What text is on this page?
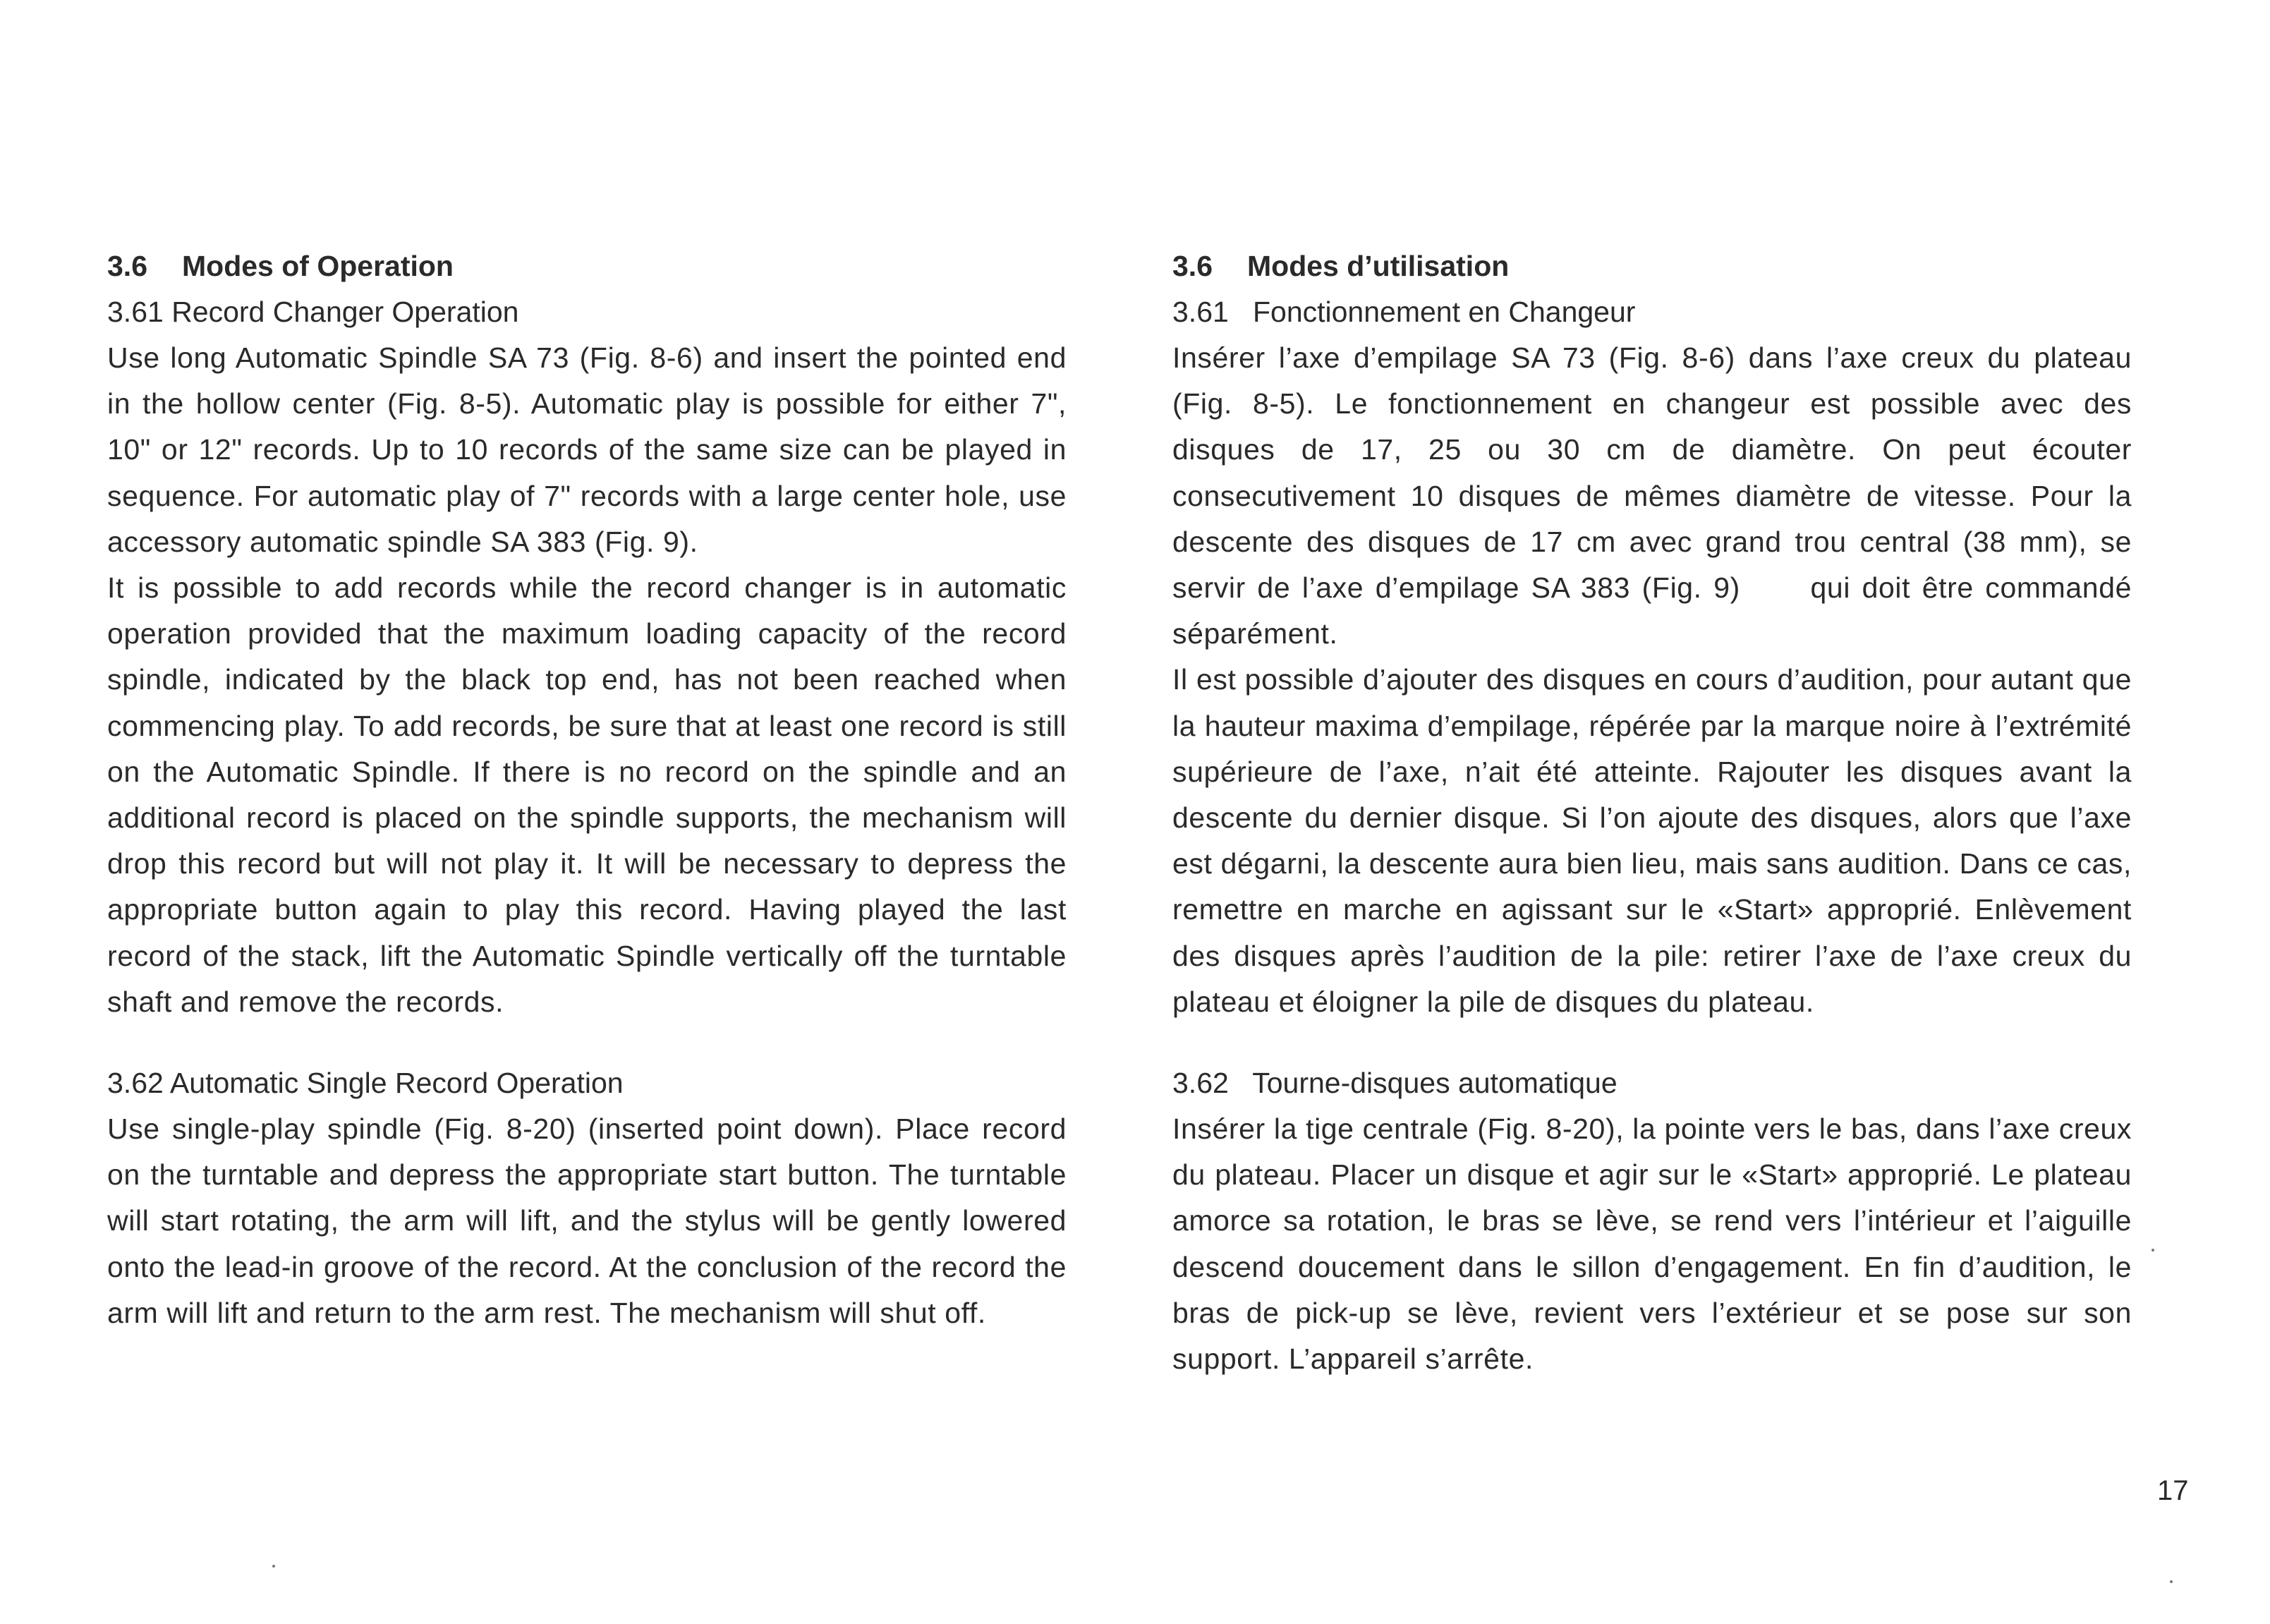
3.6 Modes of Operation
3.61 Record Changer Operation

Use long Automatic Spindle SA 73 (Fig. 8-6) and insert the pointed end in the hollow center (Fig. 8-5). Automatic play is possible for either 7", 10" or 12" records. Up to 10 records of the same size can be played in sequence. For automatic play of 7" records with a large center hole, use accessory automatic spindle SA 383 (Fig. 9).

It is possible to add records while the record changer is in automatic operation provided that the maximum loading capacity of the record spindle, indicated by the black top end, has not been reached when commencing play. To add records, be sure that at least one record is still on the Automatic Spindle. If there is no record on the spindle and an additional record is placed on the spindle supports, the mechanism will drop this record but will not play it. It will be necessary to depress the appropriate button again to play this record. Having played the last record of the stack, lift the Automatic Spindle vertically off the turntable shaft and remove the records.

3.62 Automatic Single Record Operation

Use single-play spindle (Fig. 8-20) (inserted point down). Place record on the turntable and depress the appropriate start button. The turntable will start rotating, the arm will lift, and the stylus will be gently lowered onto the lead-in groove of the record. At the conclusion of the record the arm will lift and return to the arm rest. The mechanism will shut off.

3.6 Modes d’utilisation
3.61   Fonctionnement en Changeur

Insérer l’axe d’empilage SA 73 (Fig. 8-6) dans l’axe creux du plateau (Fig. 8-5). Le fonctionnement en changeur est possible avec des disques de 17, 25 ou 30 cm de diamètre. On peut écouter consecutivement 10 disques de mêmes diamètre de vitesse. Pour la descente des disques de 17 cm avec grand trou central (38 mm), se servir de l’axe d’empilage SA 383 (Fig. 9)      qui doit être commandé séparément.

Il est possible d’ajouter des disques en cours d’audition, pour autant que la hauteur maxima d’empilage, répérée par la marque noire à l’extrémité supérieure de l’axe, n’ait été atteinte. Rajouter les disques avant la descente du dernier disque. Si l’on ajoute des disques, alors que l’axe est dégarni, la descente aura bien lieu, mais sans audition. Dans ce cas, remettre en marche en agissant sur le «Start» approprié. Enlèvement des disques après l’audition de la pile: retirer l’axe de l’axe creux du plateau et éloigner la pile de disques du plateau.

3.62   Tourne-disques automatique

Insérer la tige centrale (Fig. 8-20), la pointe vers le bas, dans l’axe creux du plateau. Placer un disque et agir sur le «Start» approprié. Le plateau amorce sa rotation, le bras se lève, se rend vers l’intérieur et l’aiguille descend doucement dans le sillon d’engagement. En fin d’audition, le bras de pick-up se lève, revient vers l’extérieur et se pose sur son support. L’appareil s’arrête.

17
